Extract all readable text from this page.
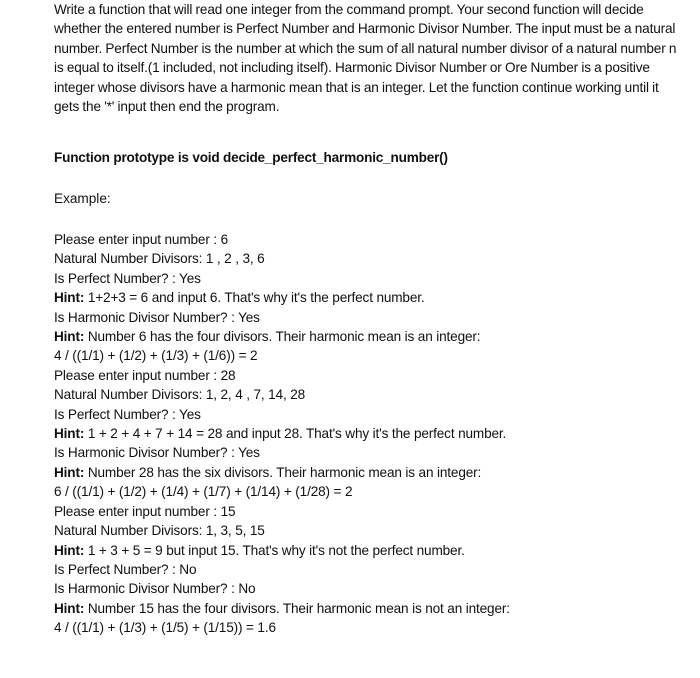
Write a function that will read one integer from the command prompt. Your second function will decide whether the entered number is Perfect Number and Harmonic Divisor Number. The input must be a natural number. Perfect Number is the number at which the sum of all natural number divisor of a natural number n is equal to itself.(1 included, not including itself). Harmonic Divisor Number or Ore Number is a positive integer whose divisors have a harmonic mean that is an integer. Let the function continue working until it gets the '*' input then end the program.

Function prototype is void decide_perfect_harmonic_number()
Example:
Please enter input number : 6
Natural Number Divisors: 1 , 2 , 3, 6
Is Perfect Number? : Yes
Hint: 1+2+3 = 6 and input 6. That's why it's the perfect number.
Is Harmonic Divisor Number? : Yes
Hint: Number 6 has the four divisors. Their harmonic mean is an integer:
4 / ((1/1) + (1/2) + (1/3) + (1/6)) = 2
Please enter input number : 28
Natural Number Divisors: 1, 2, 4 , 7, 14, 28
Is Perfect Number? : Yes
Hint: 1 + 2 + 4 + 7 + 14 = 28 and input 28. That's why it's the perfect number.
Is Harmonic Divisor Number? : Yes
Hint: Number 28 has the six divisors. Their harmonic mean is an integer:
6 / ((1/1) + (1/2) + (1/4) + (1/7) + (1/14) + (1/28) = 2
Please enter input number : 15
Natural Number Divisors: 1, 3, 5, 15
Hint: 1 + 3 + 5 = 9 but input 15. That's why it's not the perfect number.
Is Perfect Number? : No
Is Harmonic Divisor Number? : No
Hint: Number 15 has the four divisors. Their harmonic mean is not an integer:
4 / ((1/1) + (1/3) + (1/5) + (1/15)) = 1.6
